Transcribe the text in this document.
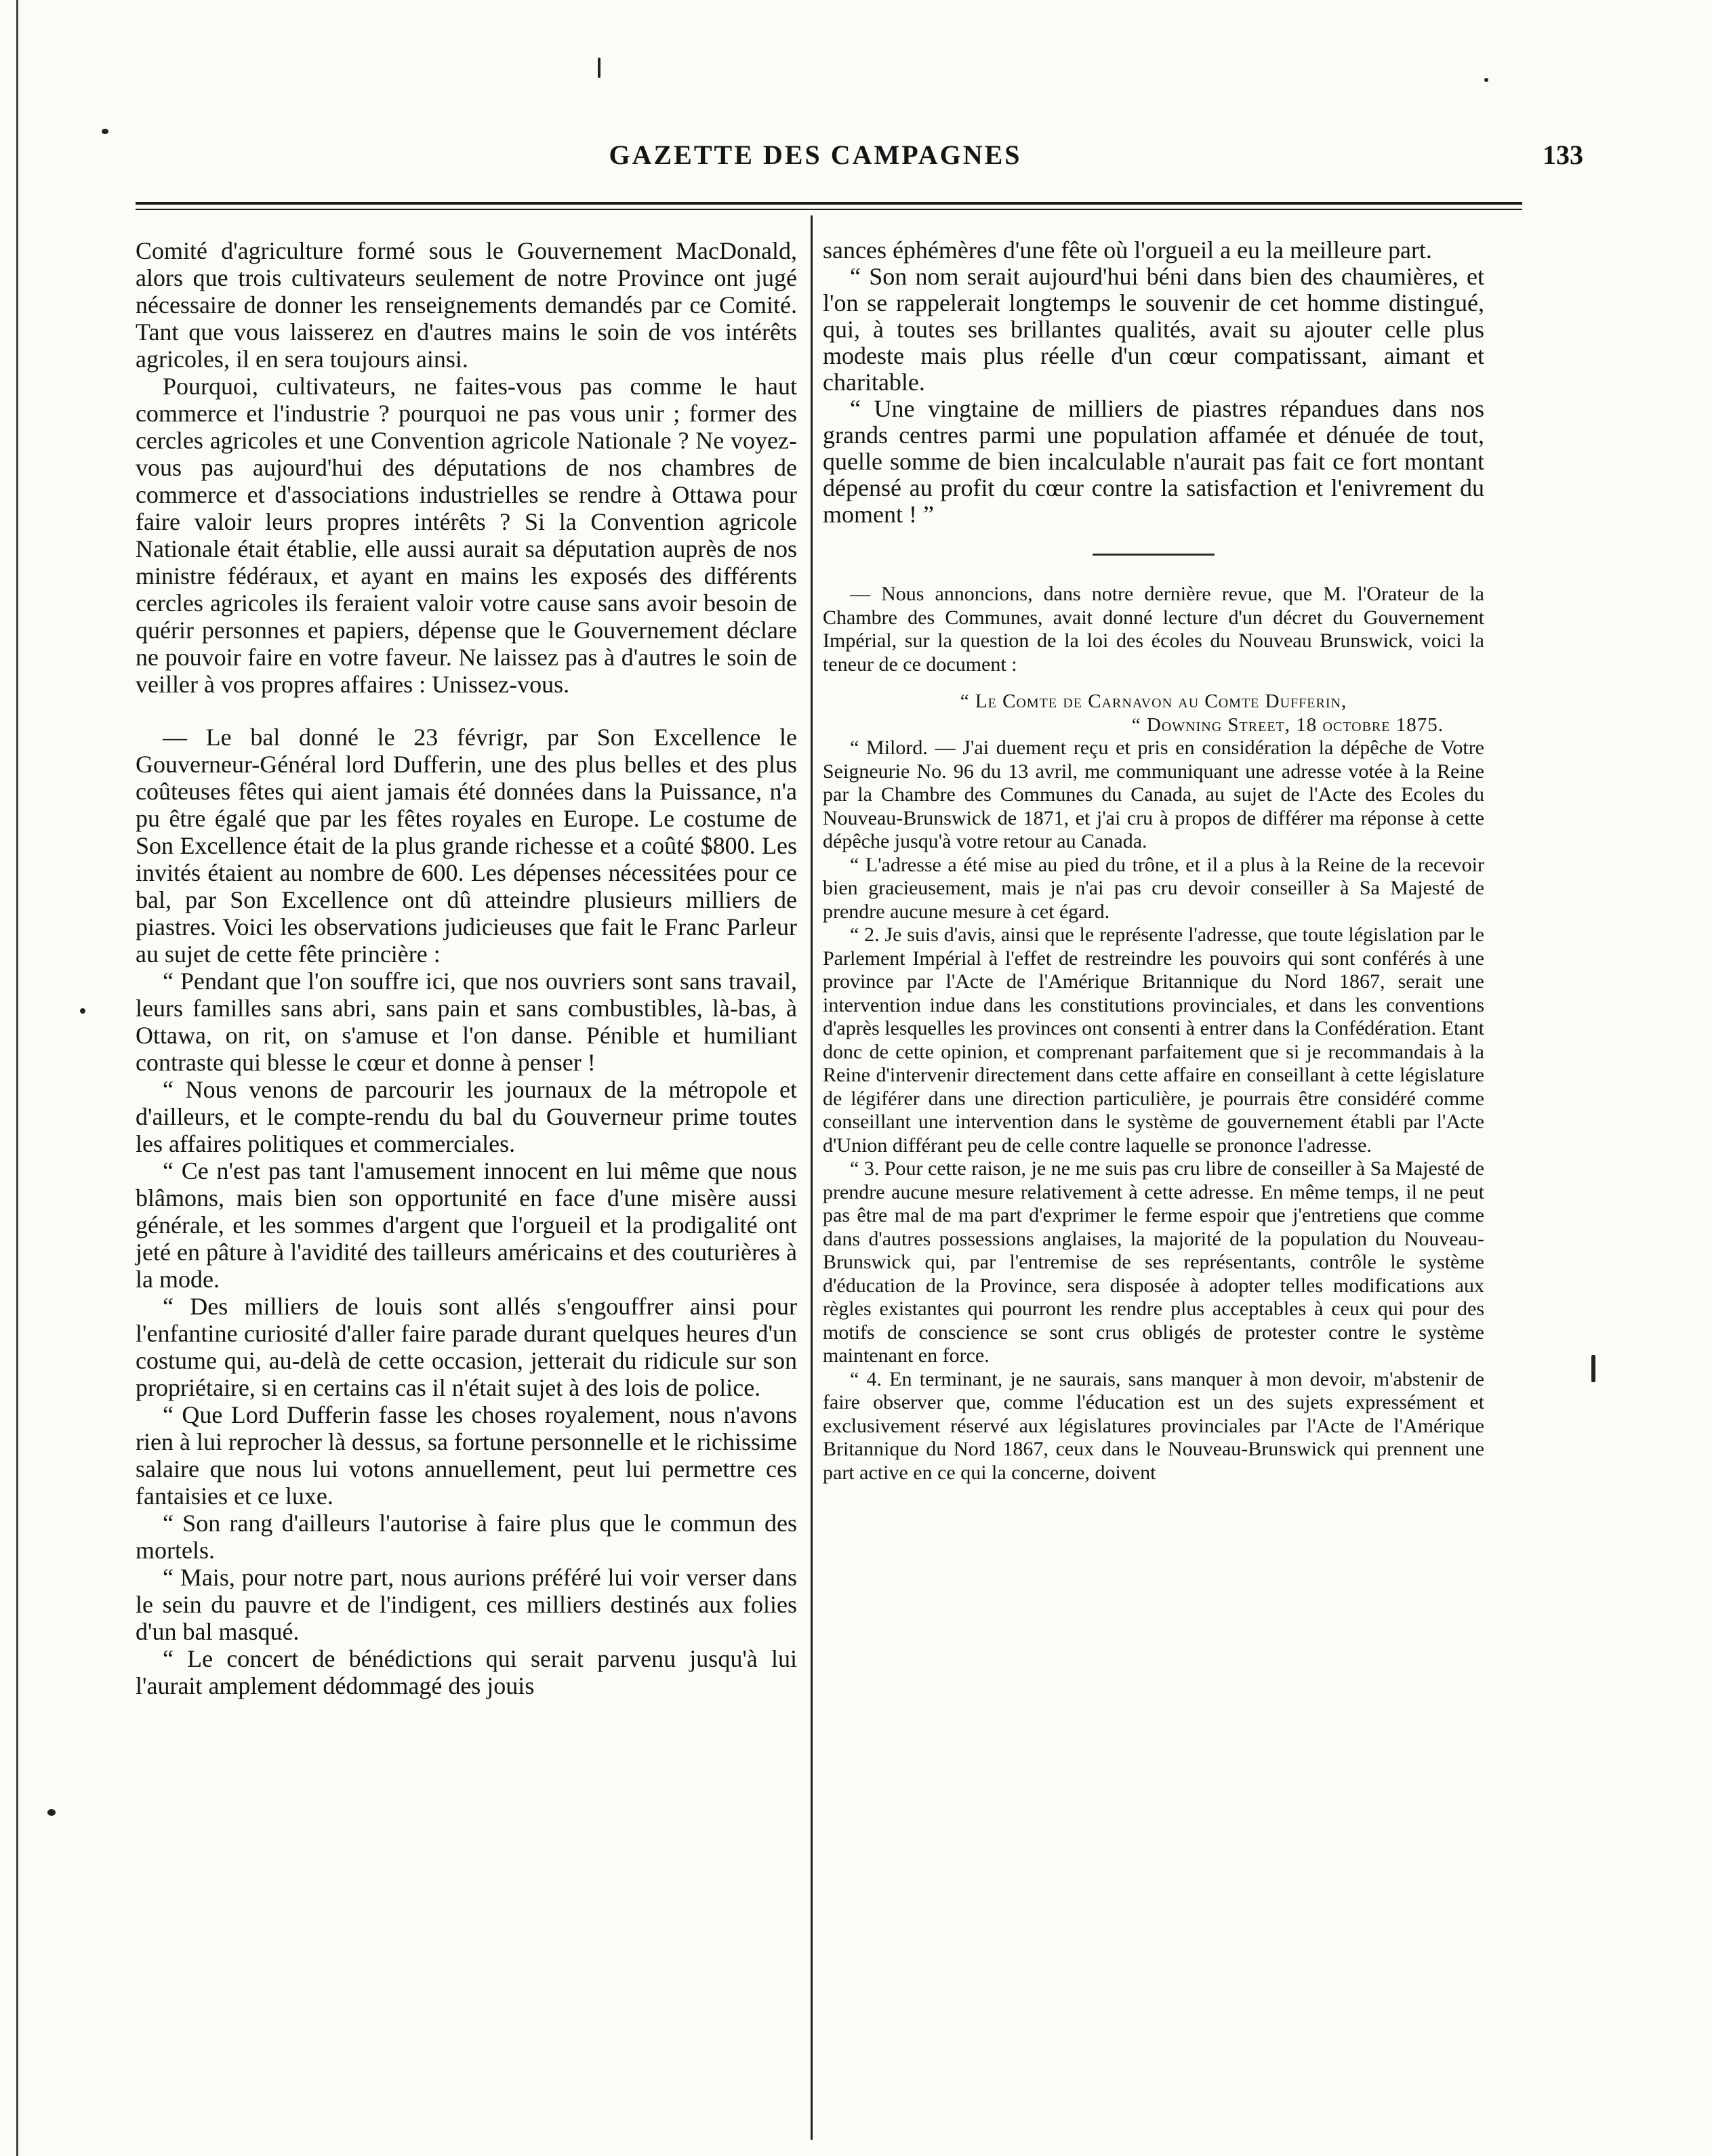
GAZETTE DES CAMPAGNES	133

Comité d'agriculture formé sous le Gouvernement MacDonald, alors que trois cultivateurs seulement de notre Province ont jugé nécessaire de donner les renseignements demandés par ce Comité. Tant que vous laisserez en d'autres mains le soin de vos intérêts agricoles, il en sera toujours ainsi.

Pourquoi, cultivateurs, ne faites-vous pas comme le haut commerce et l'industrie ? pourquoi ne pas vous unir ; former des cercles agricoles et une Convention agricole Nationale ? Ne voyez-vous pas aujourd'hui des députations de nos chambres de commerce et d'associations industrielles se rendre à Ottawa pour faire valoir leurs propres intérêts ? Si la Convention agricole Nationale était établie, elle aussi aurait sa députation auprès de nos ministre fédéraux, et ayant en mains les exposés des différents cercles agricoles ils feraient valoir votre cause sans avoir besoin de quérir personnes et papiers, dépense que le Gouvernement déclare ne pouvoir faire en votre faveur. Ne laissez pas à d'autres le soin de veiller à vos propres affaires : Unissez-vous.

— Le bal donné le 23 févrigr, par Son Excellence le Gouverneur-Général lord Dufferin, une des plus belles et des plus coûteuses fêtes qui aient jamais été données dans la Puissance, n'a pu être égalé que par les fêtes royales en Europe. Le costume de Son Excellence était de la plus grande richesse et a coûté $800. Les invités étaient au nombre de 600. Les dépenses nécessitées pour ce bal, par Son Excellence ont dû atteindre plusieurs milliers de piastres. Voici les observations judicieuses que fait le Franc Parleur au sujet de cette fête princière :

“ Pendant que l'on souffre ici, que nos ouvriers sont sans travail, leurs familles sans abri, sans pain et sans combustibles, là-bas, à Ottawa, on rit, on s'amuse et l'on danse. Pénible et humiliant contraste qui blesse le cœur et donne à penser !

“ Nous venons de parcourir les journaux de la métropole et d'ailleurs, et le compte-rendu du bal du Gouverneur prime toutes les affaires politiques et commerciales.

“ Ce n'est pas tant l'amusement innocent en lui même que nous blâmons, mais bien son opportunité en face d'une misère aussi générale, et les sommes d'argent que l'orgueil et la prodigalité ont jeté en pâture à l'avidité des tailleurs américains et des couturières à la mode.

“ Des milliers de louis sont allés s'engouffrer ainsi pour l'enfantine curiosité d'aller faire parade durant quelques heures d'un costume qui, au-delà de cette occasion, jetterait du ridicule sur son propriétaire, si en certains cas il n'était sujet à des lois de police.

“ Que Lord Dufferin fasse les choses royalement, nous n'avons rien à lui reprocher là dessus, sa fortune personnelle et le richissime salaire que nous lui votons annuellement, peut lui permettre ces fantaisies et ce luxe.

“ Son rang d'ailleurs l'autorise à faire plus que le commun des mortels.

“ Mais, pour notre part, nous aurions préféré lui voir verser dans le sein du pauvre et de l'indigent, ces milliers destinés aux folies d'un bal masqué.

“ Le concert de bénédictions qui serait parvenu jusqu'à lui l'aurait amplement dédommagé des jouis

sances éphémères d'une fête où l'orgueil a eu la meilleure part.

“ Son nom serait aujourd'hui béni dans bien des chaumières, et l'on se rappelerait longtemps le souvenir de cet homme distingué, qui, à toutes ses brillantes qualités, avait su ajouter celle plus modeste mais plus réelle d'un cœur compatissant, aimant et charitable.

“ Une vingtaine de milliers de piastres répandues dans nos grands centres parmi une population affamée et dénuée de tout, quelle somme de bien incalculable n'aurait pas fait ce fort montant dépensé au profit du cœur contre la satisfaction et l'enivrement du moment ! ”

— Nous annoncions, dans notre dernière revue, que M. l'Orateur de la Chambre des Communes, avait donné lecture d'un décret du Gouvernement Impérial, sur la question de la loi des écoles du Nouveau Brunswick, voici la teneur de ce document :

“ Le Comte de Carnavon au Comte Dufferin,

“ Downing Street, 18 octobre 1875.

“ Milord. — J'ai duement reçu et pris en considération la dépêche de Votre Seigneurie No. 96 du 13 avril, me communiquant une adresse votée à la Reine par la Chambre des Communes du Canada, au sujet de l'Acte des Ecoles du Nouveau-Brunswick de 1871, et j'ai cru à propos de différer ma réponse à cette dépêche jusqu'à votre retour au Canada.

“ L'adresse a été mise au pied du trône, et il a plus à la Reine de la recevoir bien gracieusement, mais je n'ai pas cru devoir conseiller à Sa Majesté de prendre aucune mesure à cet égard.

“ 2. Je suis d'avis, ainsi que le représente l'adresse, que toute législation par le Parlement Impérial à l'effet de restreindre les pouvoirs qui sont conférés à une province par l'Acte de l'Amérique Britannique du Nord 1867, serait une intervention indue dans les constitutions provinciales, et dans les conventions d'après lesquelles les provinces ont consenti à entrer dans la Confédération. Etant donc de cette opinion, et comprenant parfaitement que si je recommandais à la Reine d'intervenir directement dans cette affaire en conseillant à cette législature de légiférer dans une direction particulière, je pourrais être considéré comme conseillant une intervention dans le système de gouvernement établi par l'Acte d'Union différant peu de celle contre laquelle se prononce l'adresse.

“ 3. Pour cette raison, je ne me suis pas cru libre de conseiller à Sa Majesté de prendre aucune mesure relativement à cette adresse. En même temps, il ne peut pas être mal de ma part d'exprimer le ferme espoir que j'entretiens que comme dans d'autres possessions anglaises, la majorité de la population du Nouveau-Brunswick qui, par l'entremise de ses représentants, contrôle le système d'éducation de la Province, sera disposée à adopter telles modifications aux règles existantes qui pourront les rendre plus acceptables à ceux qui pour des motifs de conscience se sont crus obligés de protester contre le système maintenant en force.

“ 4. En terminant, je ne saurais, sans manquer à mon devoir, m'abstenir de faire observer que, comme l'éducation est un des sujets expressément et exclusivement réservé aux législatures provinciales par l'Acte de l'Amérique Britannique du Nord 1867, ceux dans le Nouveau-Brunswick qui prennent une part active en ce qui la concerne, doivent
